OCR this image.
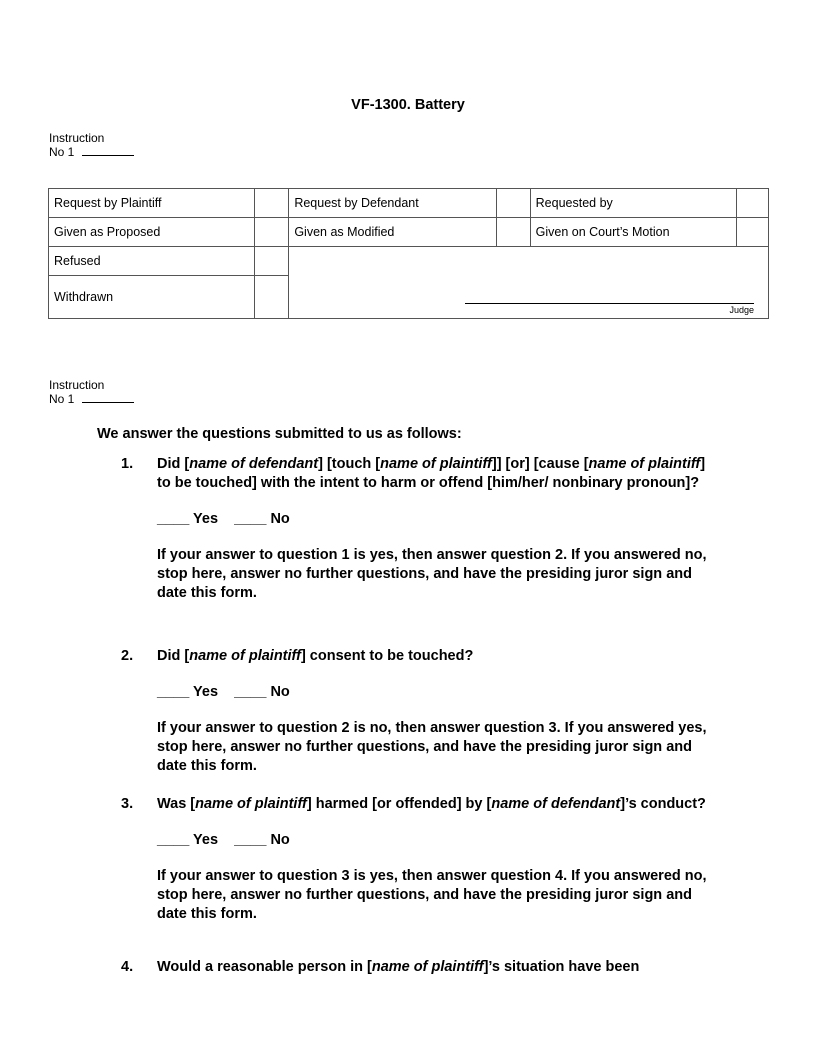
VF-1300. Battery
Instruction
No 1
Request by Plaintiff		Request by Defendant		Requested by	
Given as Proposed		Given as Modified		Given on Court’s Motion	
Refused		Judge			

Withdrawn					
Instruction
No 1
We answer the questions submitted to us as follows:
1.	Did [name of defendant] [touch [name of plaintiff]] [or] [cause [name of plaintiff] to be touched] with the intent to harm or offend [him/her/ nonbinary pronoun]?
____ Yes ____ No
If your answer to question 1 is yes, then answer question 2. If you answered no, stop here, answer no further questions, and have the presiding juror sign and date this form.
2.	Did [name of plaintiff] consent to be touched?
____ Yes ____ No
If your answer to question 2 is no, then answer question 3. If you answered yes, stop here, answer no further questions, and have the presiding juror sign and date this form.
3.	Was [name of plaintiff] harmed [or offended] by [name of defendant]’s conduct?
____ Yes ____ No
If your answer to question 3 is yes, then answer question 4. If you answered no, stop here, answer no further questions, and have the presiding juror sign and date this form.
4.	Would a reasonable person in [name of plaintiff]’s situation have been
